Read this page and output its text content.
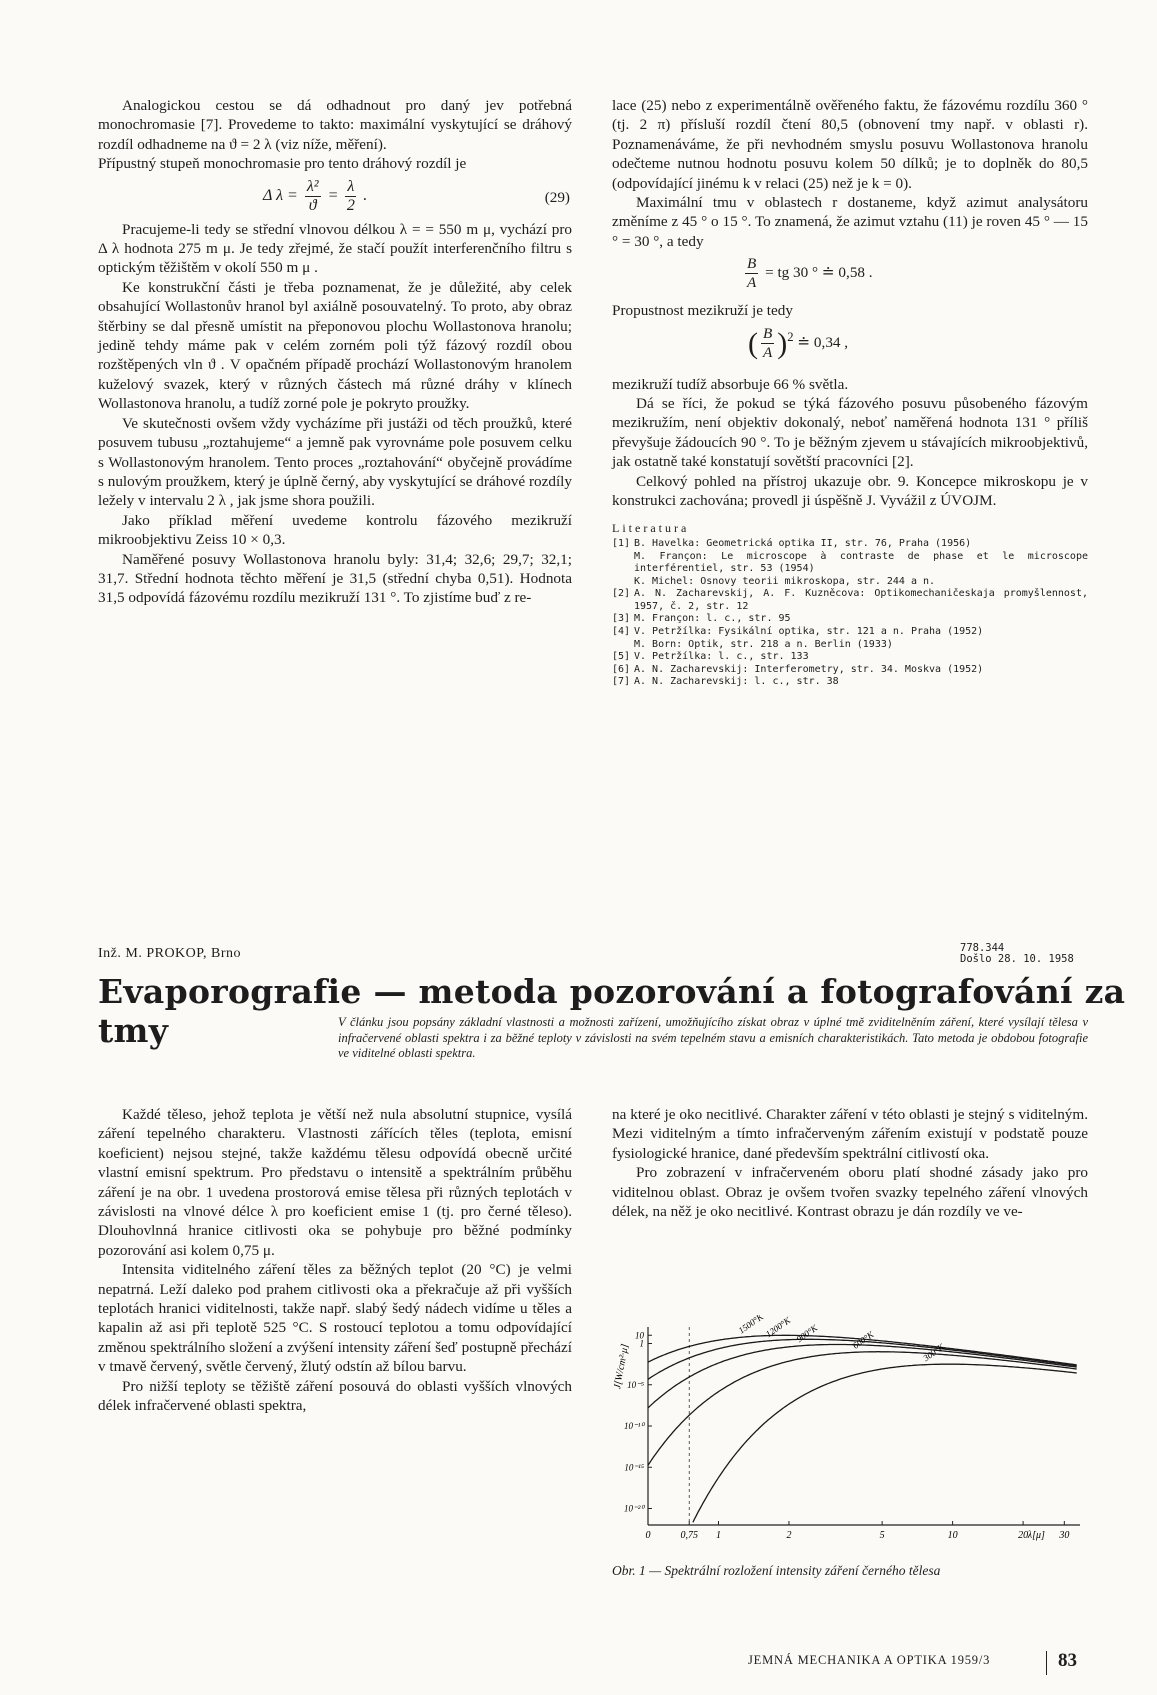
Analogickou cestou se dá odhadnout pro daný jev potřebná monochromasie [7]. Provedeme to takto: maximální vyskytující se dráhový rozdíl odhadneme na ϑ = 2 λ (viz níže, měření).

Přípustný stupeň monochromasie pro tento dráhový rozdíl je

Δ $\lambda = \frac{\text{λ²}}{ϑ} = \frac{\lambda}{2}$ .	(29)

Pracujeme-li tedy se střední vlnovou délkou λ = = 550 m μ, vychází pro Δ λ hodnota 275 m μ. Je tedy zřejmé, že stačí použít interferenčního filtru s optickým těžištěm v okolí 550 m μ .

Ke konstrukční části je třeba poznamenat, že je důležité, aby celek obsahující Wollastonův hranol byl axiálně posouvatelný. To proto, aby obraz štěrbiny se dal přesně umístit na přeponovou plochu Wollastonova hranolu; jedině tehdy máme pak v celém zorném poli týž fázový rozdíl obou rozštěpených vln ϑ . V opačném případě prochází Wollastonovým hranolem kuželový svazek, který v různých částech má různé dráhy v klínech Wollastonova hranolu, a tudíž zorné pole je pokryto proužky.

Ve skutečnosti ovšem vždy vycházíme při justáži od těch proužků, které posuvem tubusu „roztahujeme“ a jemně pak vyrovnáme pole posuvem celku s Wollastonovým hranolem. Tento proces „roztahování“ obyčejně provádíme s nulovým proužkem, který je úplně černý, aby vyskytující se dráhové rozdíly ležely v intervalu 2 λ , jak jsme shora použili.

Jako příklad měření uvedeme kontrolu fázového mezikruží mikroobjektivu Zeiss 10 × 0,3.

Naměřené posuvy Wollastonova hranolu byly: 31,4; 32,6; 29,7; 32,1; 31,7. Střední hodnota těchto měření je 31,5 (střední chyba 0,51). Hodnota 31,5 odpovídá fázovému rozdílu mezikruží 131 °. To zjistíme buď z re-

lace (25) nebo z experimentálně ověřeného faktu, že fázovému rozdílu 360 ° (tj. 2 π) přísluší rozdíl čtení 80,5 (obnovení tmy např. v oblasti r). Poznamenáváme, že při nevhodném smyslu posuvu Wollastonova hranolu odečteme nutnou hodnotu posuvu kolem 50 dílků; je to doplněk do 80,5 (odpovídající jinému k v relaci (25) než je k = 0).

Maximální tmu v oblastech r dostaneme, když azimut analysátoru změníme z 45 ° o 15 °. To znamená, že azimut vztahu (11) je roven 45 ° — 15 ° = 30 °, a tedy

$\frac{B}{A}$ = tg 30 ° ≐ 0,58 .

Propustnost mezikruží je tedy

( $\frac{B}{A} )^2$ ≐ 0,34 ,

mezikruží tudíž absorbuje 66 % světla.

Dá se říci, že pokud se týká fázového posuvu působeného fázovým mezikružím, není objektiv dokonalý, neboť naměřená hodnota 131 ° příliš převyšuje žádoucích 90 °. To je běžným zjevem u stávajících mikroobjektivů, jak ostatně také konstatují sovětští pracovníci [2].

Celkový pohled na přístroj ukazuje obr. 9. Koncepce mikroskopu je v konstrukci zachována; provedl ji úspěšně J. Vyvážil z ÚVOJM.

Literatura
[1] B. Havelka: Geometrická optika II, str. 76, Praha (1956)
M. Françon: Le microscope à contraste de phase et le microscope interférentiel, str. 53 (1954)
K. Michel: Osnovy teorii mikroskopa, str. 244 a n.
[2] A. N. Zacharevskij, A. F. Kuzněcova: Optikomechaničeskaja promyšlennost, 1957, č. 2, str. 12
[3] M. Françon: l. c., str. 95
[4] V. Petržílka: Fysikální optika, str. 121 a n. Praha (1952)
M. Born: Optik, str. 218 a n. Berlin (1933)
[5] V. Petržílka: l. c., str. 133
[6] A. N. Zacharevskij: Interferometry, str. 34. Moskva (1952)
[7] A. N. Zacharevskij: l. c., str. 38
Inž. M. PROKOP, Brno	778.344
Došlo 28. 10. 1958
Evaporografie — metoda pozorování a fotografování za tmy	V článku jsou popsány základní vlastnosti a možnosti zařízení, umožňujícího získat obraz v úplné tmě zviditelněním záření, které vysílají tělesa v infračervené oblasti spektra i za běžné teploty v závislosti na svém tepelném stavu a emisních charakteristikách. Tato metoda je obdobou fotografie ve viditelné oblasti spektra.

Každé těleso, jehož teplota je větší než nula absolutní stupnice, vysílá záření tepelného charakteru. Vlastnosti zářících těles (teplota, emisní koeficient) nejsou stejné, takže každému tělesu odpovídá obecně určité vlastní emisní spektrum. Pro představu o intensitě a spektrálním průběhu záření je na obr. 1 uvedena prostorová emise tělesa při různých teplotách v závislosti na vlnové délce λ pro koeficient emise 1 (tj. pro černé těleso). Dlouhovlnná hranice citlivosti oka se pohybuje pro běžné podmínky pozorování asi kolem 0,75 μ.

Intensita viditelného záření těles za běžných teplot (20 °C) je velmi nepatrná. Leží daleko pod prahem citlivosti oka a překračuje až při vyšších teplotách hranici viditelnosti, takže např. slabý šedý nádech vidíme u těles a kapalin až asi při teplotě 525 °C. S rostoucí teplotou a tomu odpovídající změnou spektrálního složení a zvýšení intensity záření šeď postupně přechází v tmavě červený, světle červený, žlutý odstín až bílou barvu.

Pro nižší teploty se těžiště záření posouvá do oblasti vyšších vlnových délek infračervené oblasti spektra,

na které je oko necitlivé. Charakter záření v této oblasti je stejný s viditelným. Mezi viditelným a tímto infračerveným zářením existují v podstatě pouze fysiologické hranice, dané především spektrální citlivostí oka.

Pro zobrazení v infračerveném oboru platí shodné zásady jako pro viditelnou oblast. Obraz je ovšem tvořen svazky tepelného záření vlnových délek, na něž je oko necitlivé. Kontrast obrazu je dán rozdíly ve ve-

0	0,75 1	2	5	10	20	30
10
1
10⁻⁵
10⁻¹⁰
10⁻¹⁵
10⁻²⁰
J[W/cm²·μ]
λ[μ]
1500°K
1200°K 900°K	600°K
300°K
Obr. 1 — Spektrální rozložení intensity záření černého tělesa
JEMNÁ MECHANIKA A OPTIKA 1959/3	83
